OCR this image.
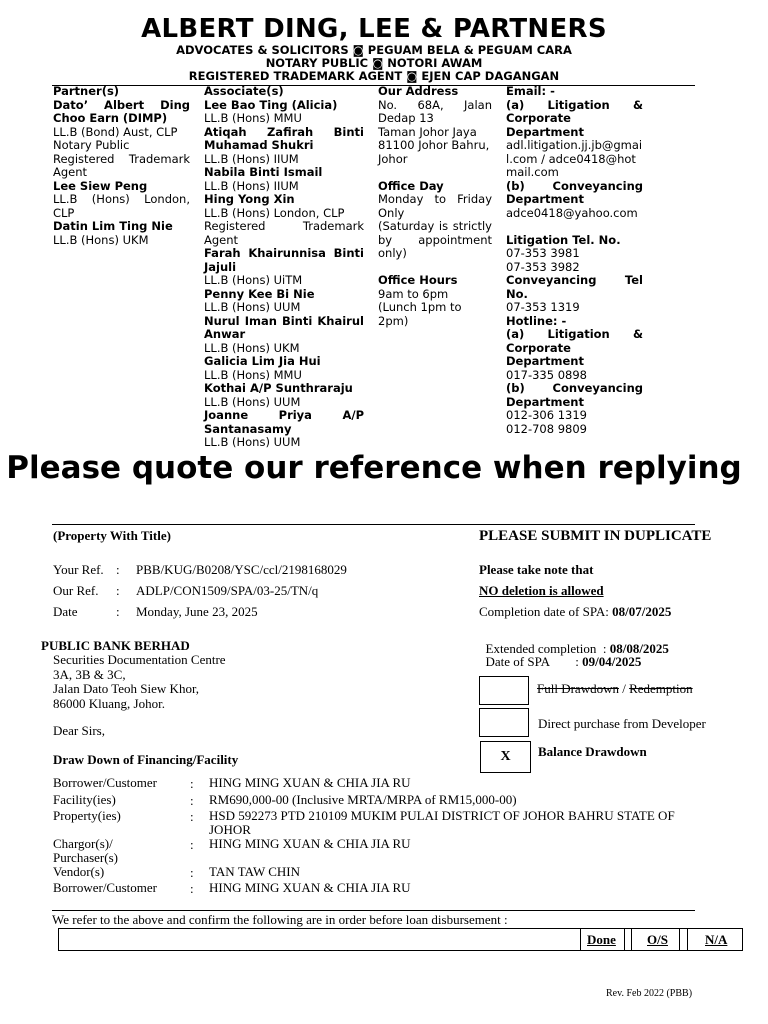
ALBERT DING, LEE & PARTNERS
ADVOCATES & SOLICITORS ◙ PEGUAM BELA & PEGUAM CARA
NOTARY PUBLIC ◙ NOTORI AWAM
REGISTERED TRADEMARK AGENT ◙ EJEN CAP DAGANGAN
Partner(s)
Dato’ Albert Ding Choo Earn (DIMP)
LL.B (Bond) Aust, CLP
Notary Public
Registered Trademark Agent
Lee Siew Peng
LL.B (Hons) London, CLP
Datin Lim Ting Nie
LL.B (Hons) UKM
Associate(s)
Lee Bao Ting (Alicia)
LL.B (Hons) MMU
Atiqah Zafirah Binti Muhamad Shukri
LL.B (Hons) IIUM
Nabila Binti Ismail
LL.B (Hons) IIUM
Hing Yong Xin
LL.B (Hons) London, CLP
Registered Trademark Agent
Farah Khairunnisa Binti Jajuli
LL.B (Hons) UiTM
Penny Kee Bi Nie
LL.B (Hons) UUM
Nurul Iman Binti Khairul Anwar
LL.B (Hons) UKM
Galicia Lim Jia Hui
LL.B (Hons) MMU
Kothai A/P Sunthraraju
LL.B (Hons) UUM
Joanne Priya A/P Santanasamy
LL.B (Hons) UUM
Our Address
No. 68A, Jalan Dedap 13
Taman Johor Jaya
81100 Johor Bahru, Johor
Office Day
Monday to Friday Only
(Saturday is strictly by appointment only)
Office Hours
9am to 6pm
(Lunch 1pm to 2pm)
Email: -
(a) Litigation & Corporate Department
adl.litigation.jj.jb@gmail.com / adce0418@hotmail.com
(b) Conveyancing Department
adce0418@yahoo.com
Litigation Tel. No.
07-353 3981
07-353 3982
Conveyancing Tel No.
07-353 1319
Hotline: -
(a) Litigation & Corporate Department
017-335 0898
(b) Conveyancing Department
012-306 1319
012-708 9809
Please quote our reference when replying
(Property With Title)
Your Ref. : PBB/KUG/B0208/YSC/ccl/2198168029
Our Ref. : ADLP/CON1509/SPA/03-25/TN/q
Date	: Monday, June 23, 2025
PLEASE SUBMIT IN DUPLICATE
Please take note that
NO deletion is allowed
Completion date of SPA: 08/07/2025

Extended completion  : 08/08/2025

Date of SPA        : 09/04/2025

PUBLIC BANK BERHAD
Securities Documentation Centre
3A, 3B & 3C,
Jalan Dato Teoh Siew Khor,
86000 Kluang, Johor.
Dear Sirs,
Draw Down of Financing/Facility
Full Drawdown / Redemption
Direct purchase from Developer
X Balance Drawdown
Borrower/Customer	: HING MING XUAN & CHIA JIA RU
Facility(ies)	: RM690,000-00 (Inclusive MRTA/MRPA of RM15,000-00)
Property(ies)	: HSD 592273 PTD 210109 MUKIM PULAI DISTRICT OF JOHOR BAHRU STATE OF JOHOR
Chargor(s)/ Purchaser(s)
: HING MING XUAN & CHIA JIA RU
Vendor(s)	: TAN TAW CHIN
Borrower/Customer	: HING MING XUAN & CHIA JIA RU
We refer to the above and confirm the following are in order before loan disbursement :
Done O/S	N/A
Rev. Feb 2022 (PBB)
